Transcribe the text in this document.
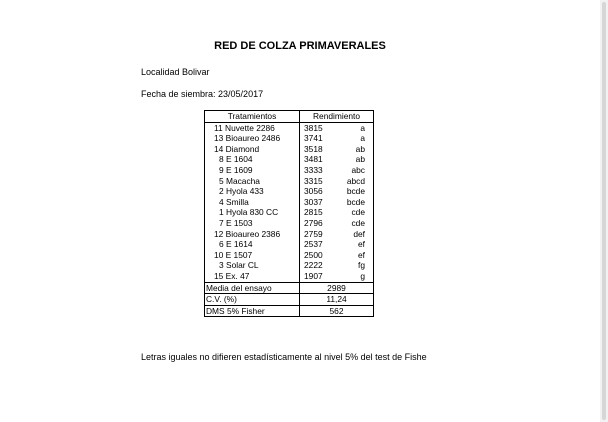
RED DE COLZA PRIMAVERALES
Localidad Bolivar
Fecha de siembra: 23/05/2017
Tratamientos	Rendimiento
11 Nuvette 2286	3815 a

13 Bioaureo 2486	3741 a

14 Diamond	3518 ab

8 E 1604	3481 ab

9 E 1609	3333 abc

5 Macacha	3315 abcd

2 Hyola 433	3056 bcde

4 Smilla	3037 bcde

1 Hyola 830 CC	2815 cde

7 E 1503	2796 cde

12 Bioaureo 2386	2759 def

6 E 1614	2537 ef

10 E 1507	2500 ef

3 Solar CL	2222 fg

15 Ex. 47	1907 g

Media del ensayo	2989
C.V. (%)	11,24
DMS 5% Fisher	562
Letras iguales no difieren estadísticamente al nivel 5% del test de Fishe
